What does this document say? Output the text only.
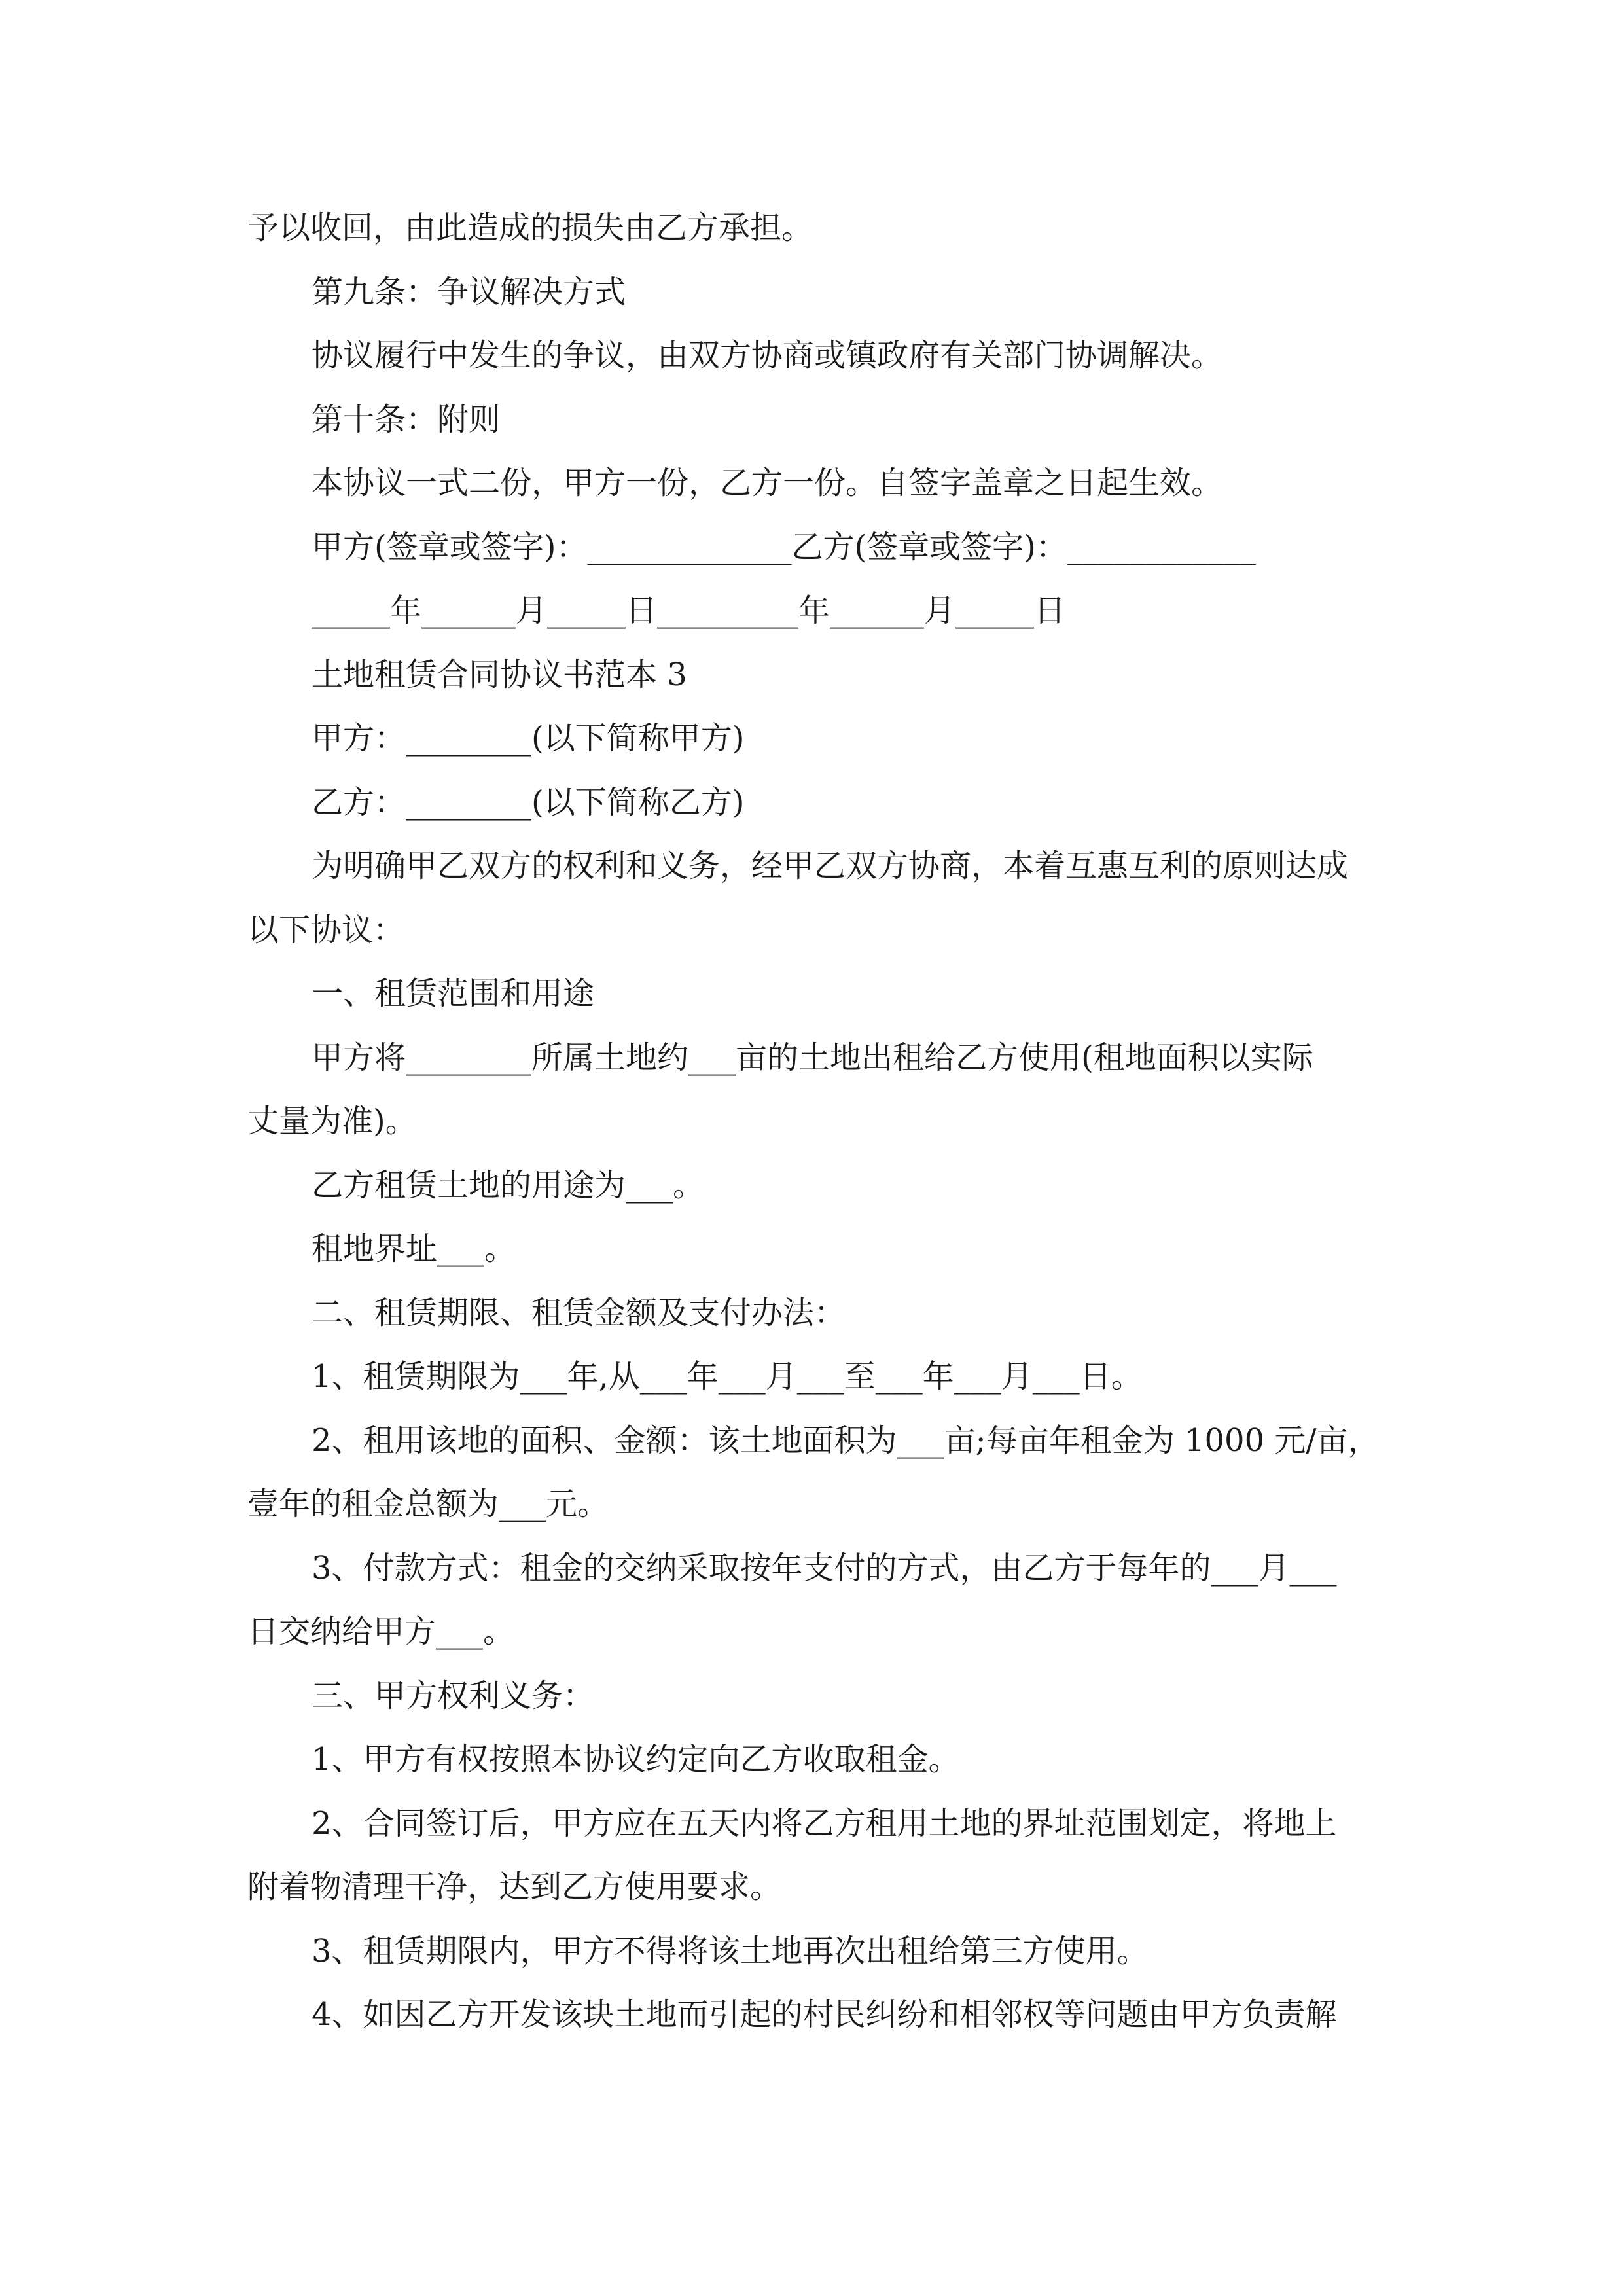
予以收回，由此造成的损失由乙方承担。
第九条：争议解决方式
协议履行中发生的争议，由双方协商或镇政府有关部门协调解决。
第十条：附则
本协议一式二份，甲方一份，乙方一份。自签字盖章之日起生效。
甲方(签章或签字)：_____________乙方(签章或签字)：____________
_____年______月_____日_________年______月_____日
土地租赁合同协议书范本 3
甲方：________(以下简称甲方)
乙方：________(以下简称乙方)
为明确甲乙双方的权利和义务，经甲乙双方协商，本着互惠互利的原则达成
以下协议：
一、租赁范围和用途
甲方将________所属土地约___亩的土地出租给乙方使用(租地面积以实际
丈量为准)。
乙方租赁土地的用途为___。
租地界址___。
二、租赁期限、租赁金额及支付办法：
1、租赁期限为___年,从___年___月___至___年___月___日。
2、租用该地的面积、金额：该土地面积为___亩;每亩年租金为 1000 元/亩，
壹年的租金总额为___元。
3、付款方式：租金的交纳采取按年支付的方式，由乙方于每年的___月___
日交纳给甲方___。
三、甲方权利义务：
1、甲方有权按照本协议约定向乙方收取租金。
2、合同签订后，甲方应在五天内将乙方租用土地的界址范围划定，将地上
附着物清理干净，达到乙方使用要求。
3、租赁期限内，甲方不得将该土地再次出租给第三方使用。
4、如因乙方开发该块土地而引起的村民纠纷和相邻权等问题由甲方负责解
